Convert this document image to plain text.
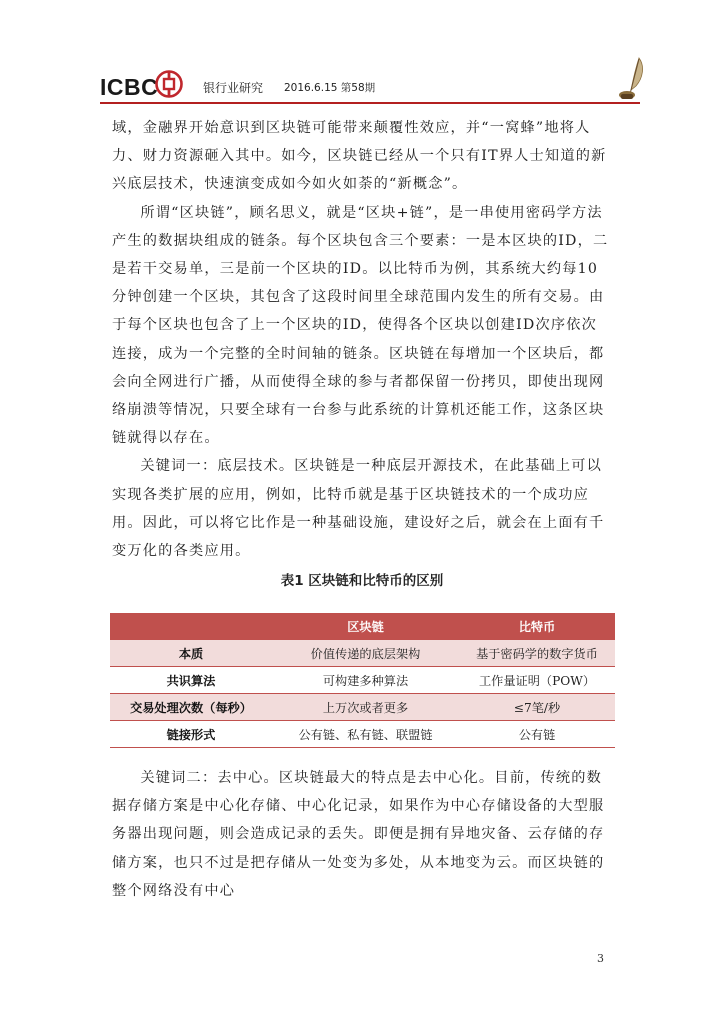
ICBC	银行业研究 2016.6.15 第58期

域，金融界开始意识到区块链可能带来颠覆性效应，并“一窝蜂”地将人力、财力资源砸入其中。如今，区块链已经从一个只有IT界人士知道的新兴底层技术，快速演变成如今如火如荼的“新概念”。

所谓“区块链”，顾名思义，就是“区块+链”，是一串使用密码学方法产生的数据块组成的链条。每个区块包含三个要素：一是本区块的ID，二是若干交易单，三是前一个区块的ID。以比特币为例，其系统大约每10分钟创建一个区块，其包含了这段时间里全球范围内发生的所有交易。由于每个区块也包含了上一个区块的ID，使得各个区块以创建ID次序依次连接，成为一个完整的全时间轴的链条。区块链在每增加一个区块后，都会向全网进行广播，从而使得全球的参与者都保留一份拷贝，即使出现网络崩溃等情况，只要全球有一台参与此系统的计算机还能工作，这条区块链就得以存在。

关键词一：底层技术。区块链是一种底层开源技术，在此基础上可以实现各类扩展的应用，例如，比特币就是基于区块链技术的一个成功应用。因此，可以将它比作是一种基础设施，建设好之后，就会在上面有千变万化的各类应用。

表1 区块链和比特币的区别
	区块链	比特币
本质	价值传递的底层架构	基于密码学的数字货币
共识算法	可构建多种算法	工作量证明（POW）
交易处理次数（每秒）	上万次或者更多	≤7笔/秒
链接形式	公有链、私有链、联盟链	公有链

关键词二：去中心。区块链最大的特点是去中心化。目前，传统的数据存储方案是中心化存储、中心化记录，如果作为中心存储设备的大型服务器出现问题，则会造成记录的丢失。即便是拥有异地灾备、云存储的存储方案，也只不过是把存储从一处变为多处，从本地变为云。而区块链的整个网络没有中心

3
